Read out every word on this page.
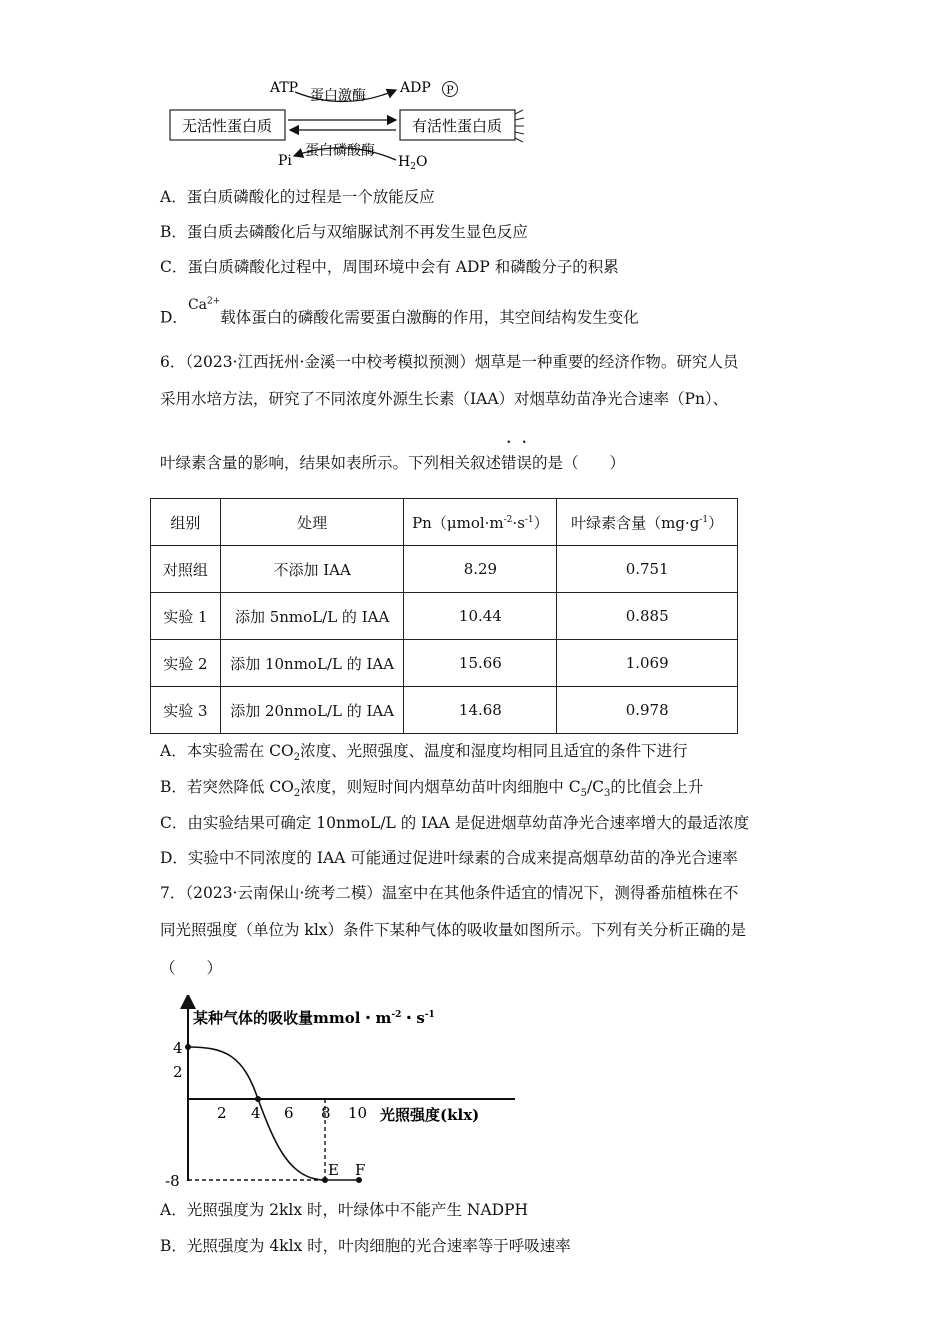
无活性蛋白质	有活性蛋白质
ATP 蛋白激酶 ADP P
Pi
蛋白磷酸酶
$H_2O$
A．蛋白质磷酸化的过程是一个放能反应
B．蛋白质去磷酸化后与双缩脲试剂不再发生显色反应
C．蛋白质磷酸化过程中，周围环境中会有 ADP 和磷酸分子的积累
D．$Ca^{2+}$载体蛋白的磷酸化需要蛋白激酶的作用，其空间结构发生变化
6．（2023·江西抚州·金溪一中校考模拟预测）烟草是一种重要的经济作物。研究人员
采用水培方法，研究了不同浓度外源生长素（IAA）对烟草幼苗净光合速率（Pn）、
叶绿素含量的影响，结果如表所示。下列相关叙述错误的是（　　）
组别	处理	$Pn(\mu mol\cdot m^{-2}\cdot s^{-1})$	叶绿素含量$(mg\cdot g^{-1})$
对照组	不添加 IAA	8.29	0.751
实验 1	添加 5nmoL/L 的 IAA	10.44	0.885
实验 2	添加 10nmoL/L 的 IAA	15.66	1.069
实验 3	添加 20nmoL/L 的 IAA	14.68	0.978
A．本实验需在 $CO_2$浓度、光照强度、温度和湿度均相同且适宜的条件下进行
B．若突然降低 $CO_2$浓度，则短时间内烟草幼苗叶肉细胞中 $C_5/C_3$的比值会上升
C．由实验结果可确定 10nmoL/L 的 IAA 是促进烟草幼苗净光合速率增大的最适浓度
D．实验中不同浓度的 IAA 可能通过促进叶绿素的合成来提高烟草幼苗的净光合速率
7．（2023·云南保山·统考二模）温室中在其他条件适宜的情况下，测得番茄植株在不
同光照强度（单位为 klx）条件下某种气体的吸收量如图所示。下列有关分析正确的是
（　　）
某种气体的吸收量mmol・$m^{-2}$・$s^{-1}$
4
2
-8
2 4 6 8 10 光照强度(klx)
E F
A．光照强度为 2klx 时，叶绿体中不能产生 NADPH
B．光照强度为 4klx 时，叶肉细胞的光合速率等于呼吸速率
